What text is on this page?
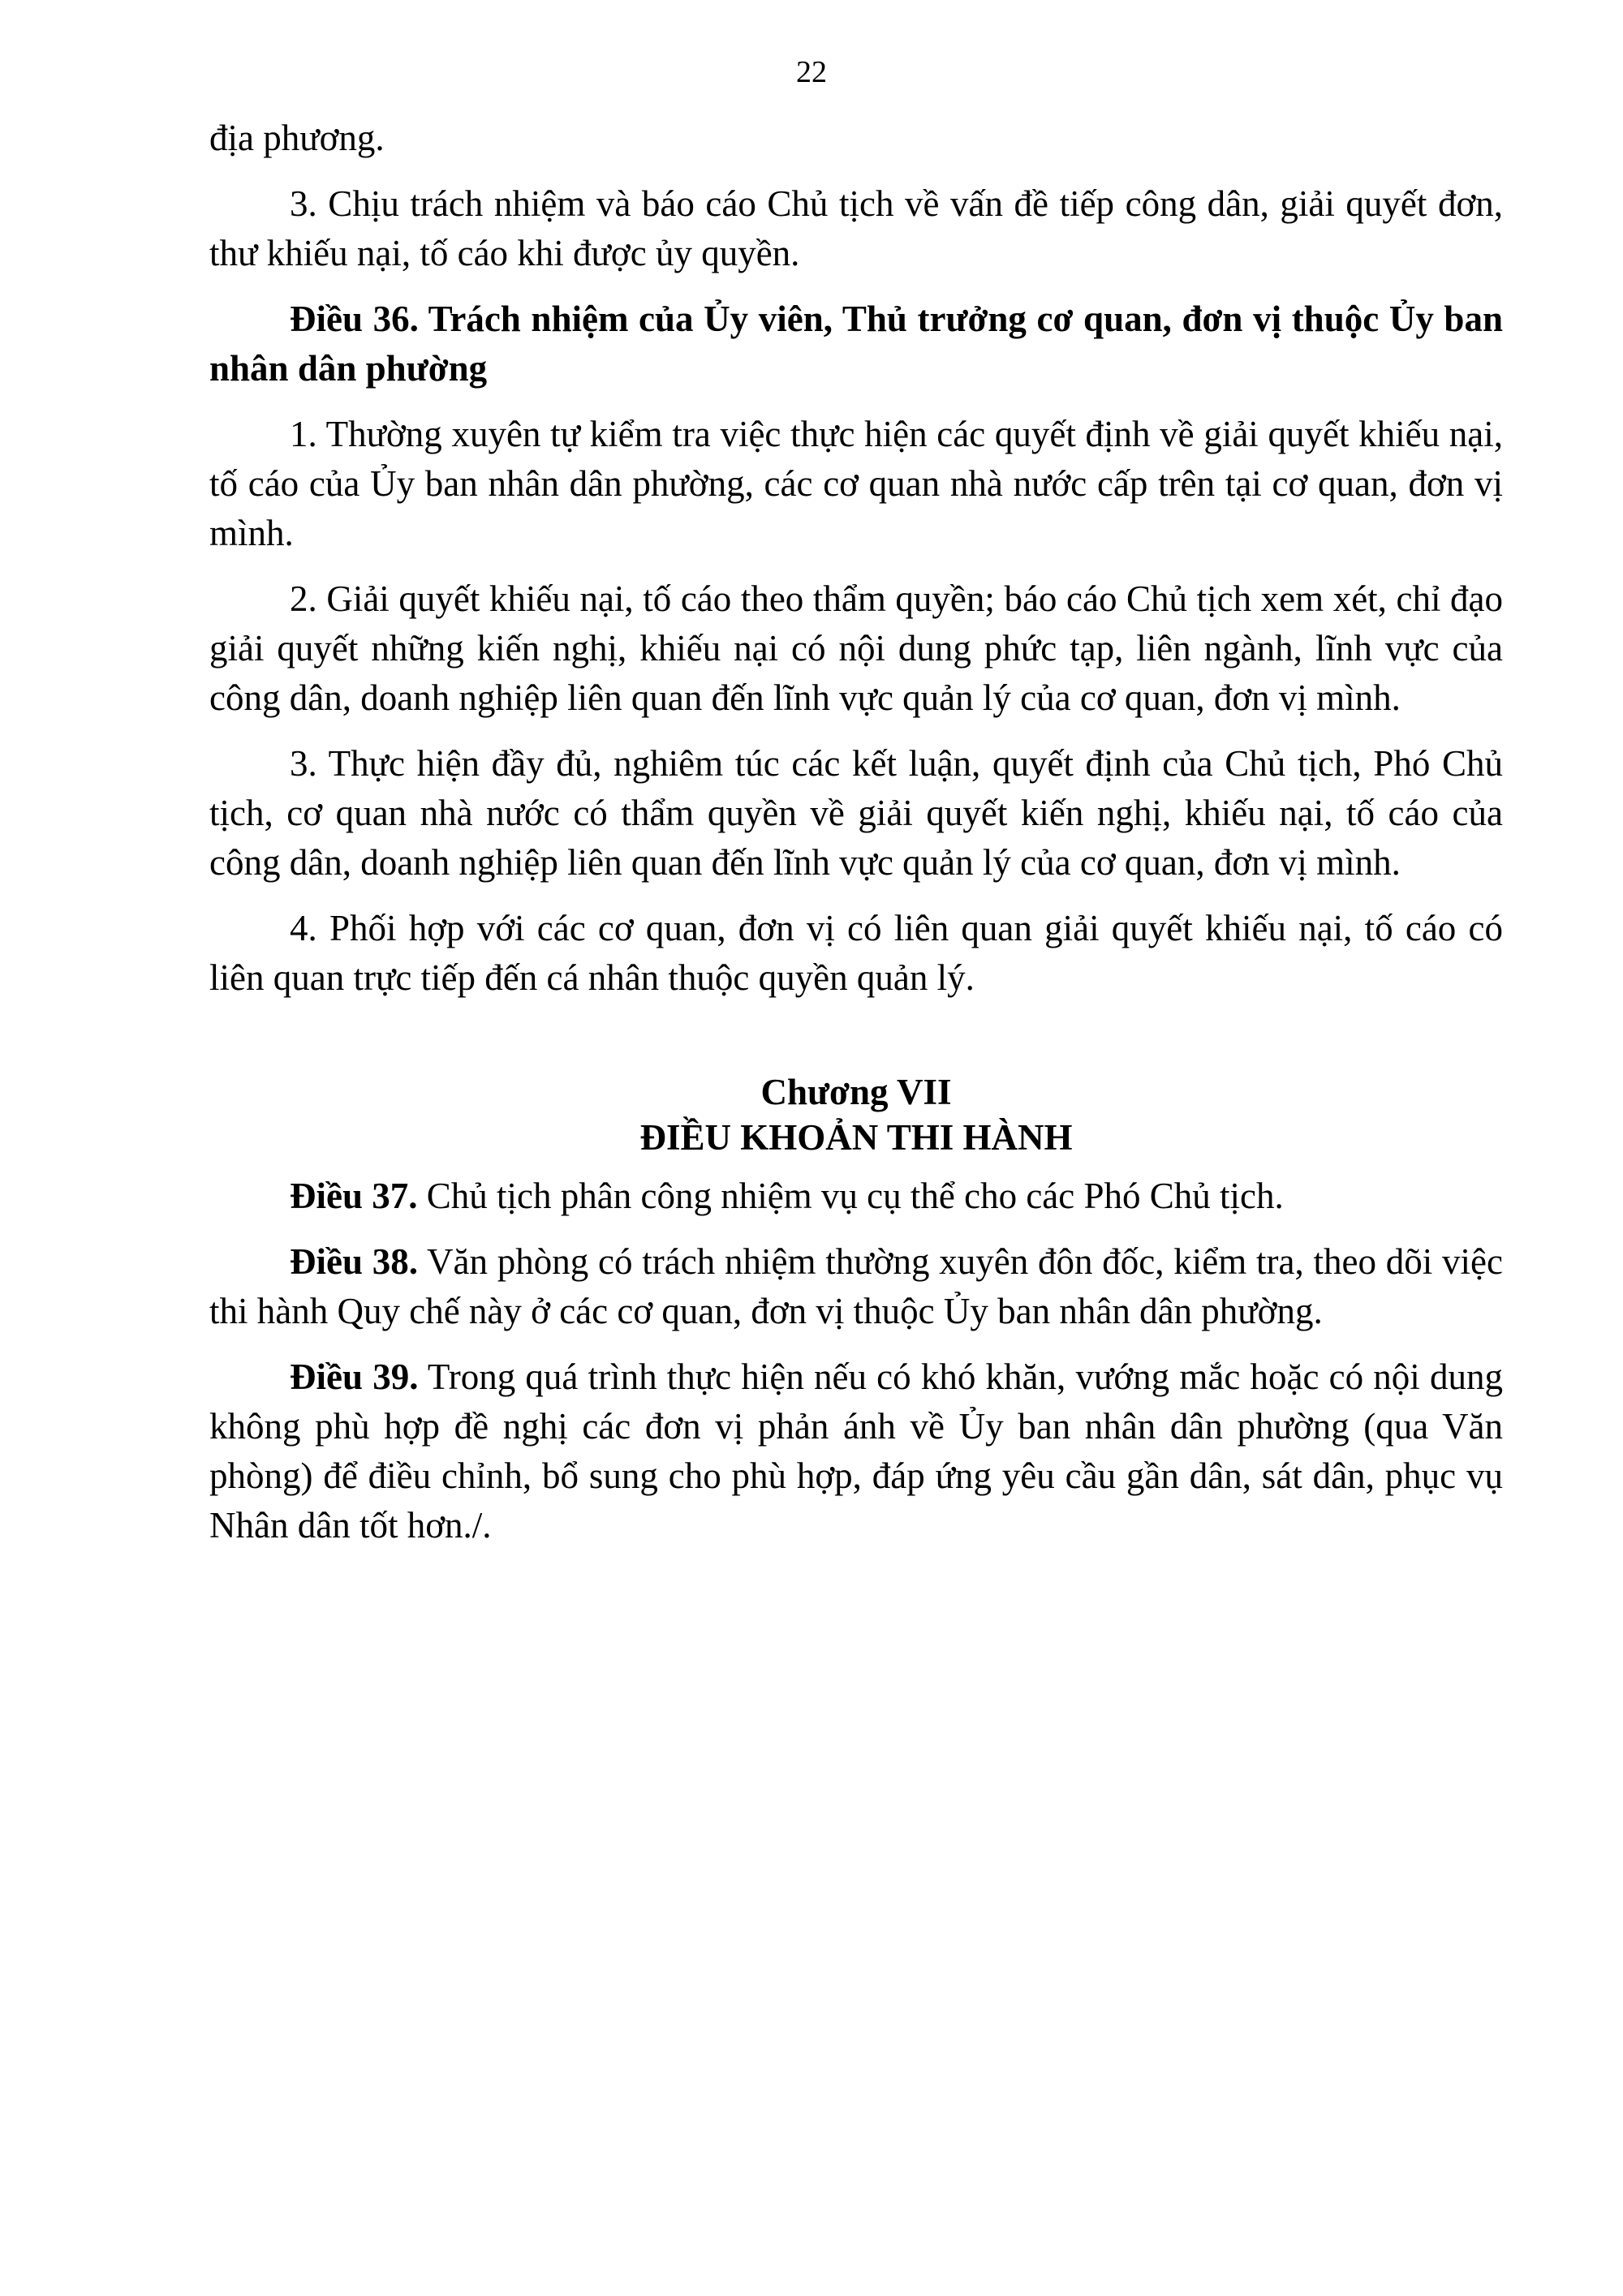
22

địa phương.

3. Chịu trách nhiệm và báo cáo Chủ tịch về vấn đề tiếp công dân, giải quyết đơn, thư khiếu nại, tố cáo khi được ủy quyền.

Điều 36. Trách nhiệm của Ủy viên, Thủ trưởng cơ quan, đơn vị thuộc Ủy ban nhân dân phường

1. Thường xuyên tự kiểm tra việc thực hiện các quyết định về giải quyết khiếu nại, tố cáo của Ủy ban nhân dân phường, các cơ quan nhà nước cấp trên tại cơ quan, đơn vị mình.

2. Giải quyết khiếu nại, tố cáo theo thẩm quyền; báo cáo Chủ tịch xem xét, chỉ đạo giải quyết những kiến nghị, khiếu nại có nội dung phức tạp, liên ngành, lĩnh vực của công dân, doanh nghiệp liên quan đến lĩnh vực quản lý của cơ quan, đơn vị mình.

3. Thực hiện đầy đủ, nghiêm túc các kết luận, quyết định của Chủ tịch, Phó Chủ tịch, cơ quan nhà nước có thẩm quyền về giải quyết kiến nghị, khiếu nại, tố cáo của công dân, doanh nghiệp liên quan đến lĩnh vực quản lý của cơ quan, đơn vị mình.

4. Phối hợp với các cơ quan, đơn vị có liên quan giải quyết khiếu nại, tố cáo có liên quan trực tiếp đến cá nhân thuộc quyền quản lý.

Chương VII
ĐIỀU KHOẢN THI HÀNH

Điều 37. Chủ tịch phân công nhiệm vụ cụ thể cho các Phó Chủ tịch.

Điều 38. Văn phòng có trách nhiệm thường xuyên đôn đốc, kiểm tra, theo dõi việc thi hành Quy chế này ở các cơ quan, đơn vị thuộc Ủy ban nhân dân phường.

Điều 39. Trong quá trình thực hiện nếu có khó khăn, vướng mắc hoặc có nội dung không phù hợp đề nghị các đơn vị phản ánh về Ủy ban nhân dân phường (qua Văn phòng) để điều chỉnh, bổ sung cho phù hợp, đáp ứng yêu cầu gần dân, sát dân, phục vụ Nhân dân tốt hơn./.
